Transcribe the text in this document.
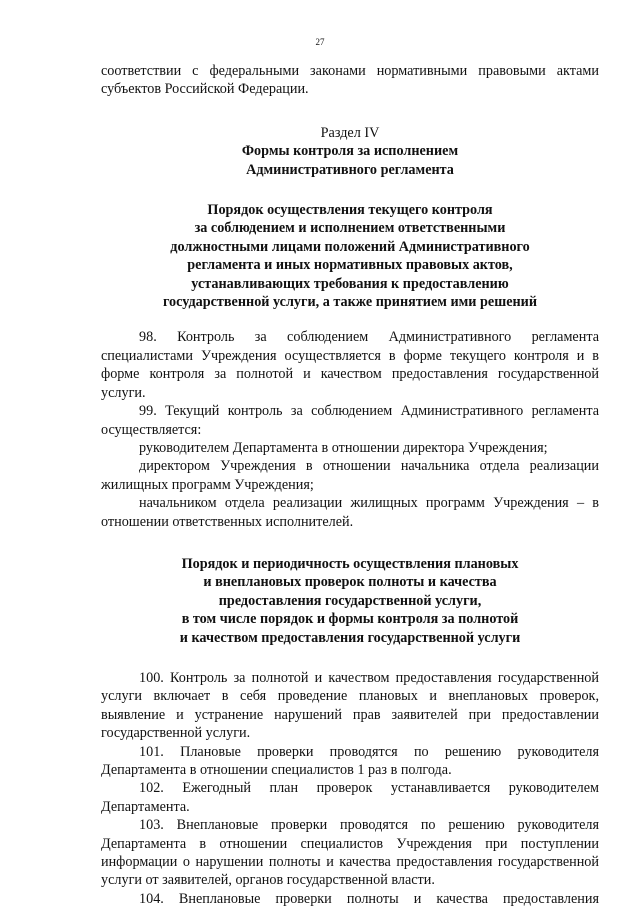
27

соответствии с федеральными законами нормативными правовыми актами
субъектов Российской Федерации.

Раздел IV
Формы контроля за исполнением
Административного регламента
Порядок осуществления текущего контроля
за соблюдением и исполнением ответственными
должностными лицами положений Административного
регламента и иных нормативных правовых актов,
устанавливающих требования к предоставлению
государственной услуги, а также принятием ими решений

98. Контроль за соблюдением Административного регламента специалистами Учреждения осуществляется в форме текущего контроля и в форме контроля за полнотой и качеством предоставления государственной услуги.

99. Текущий контроль за соблюдением Административного регламента осуществляется:

руководителем Департамента в отношении директора Учреждения;

директором Учреждения в отношении начальника отдела реализации жилищных программ Учреждения;

начальником отдела реализации жилищных программ Учреждения – в отношении ответственных исполнителей.

Порядок и периодичность осуществления плановых
и внеплановых проверок полноты и качества
предоставления государственной услуги,
в том числе порядок и формы контроля за полнотой
и качеством предоставления государственной услуги

100. Контроль за полнотой и качеством предоставления государственной услуги включает в себя проведение плановых и внеплановых проверок, выявление и устранение нарушений прав заявителей при предоставлении государственной услуги.

101. Плановые проверки проводятся по решению руководителя Департамента в отношении специалистов 1 раз в полгода.

102. Ежегодный план проверок устанавливается руководителем Департамента.

103. Внеплановые проверки проводятся по решению руководителя Департамента в отношении специалистов Учреждения при поступлении информации о нарушении полноты и качества предоставления государственной услуги от заявителей, органов государственной власти.

104. Внеплановые проверки полноты и качества предоставления
